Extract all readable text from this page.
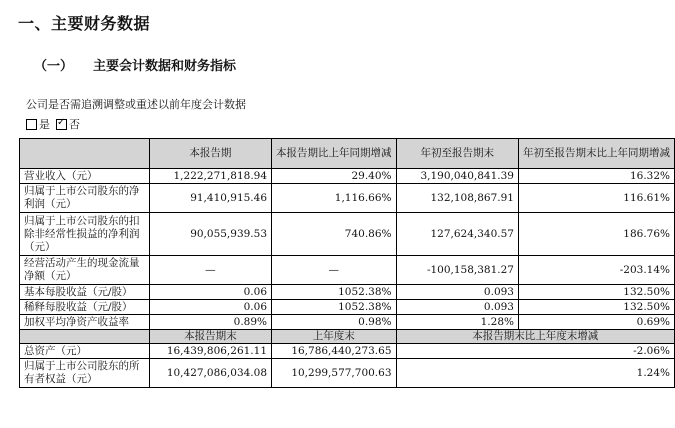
一、主要财务数据
（一） 主要会计数据和财务指标
公司是否需追溯调整或重述以前年度会计数据
是 ✓ 否
	本报告期	本报告期比上年同期增减	年初至报告期末	年初至报告期末比上年同期增减
营业收入（元）	1,222,271,818.94	29.40%	3,190,040,841.39	16.32%
归属于上市公司股东的净利润（元）	91,410,915.46	1,116.66%	132,108,867.91	116.61%
归属于上市公司股东的扣除非经常性损益的净利润（元）	90,055,939.53	740.86%	127,624,340.57	186.76%
经营活动产生的现金流量净额（元）	—	—	-100,158,381.27	-203.14%
基本每股收益（元/股）	0.06	1052.38%	0.093	132.50%
稀释每股收益（元/股）	0.06	1052.38%	0.093	132.50%
加权平均净资产收益率	0.89%	0.98%	1.28%	0.69%
	本报告期末	上年度末	本报告期末比上年度末增减	
总资产（元）	16,439,806,261.11	16,786,440,273.65	-2.06%	
归属于上市公司股东的所有者权益（元）	10,427,086,034.08	10,299,577,700.63	1.24%	
